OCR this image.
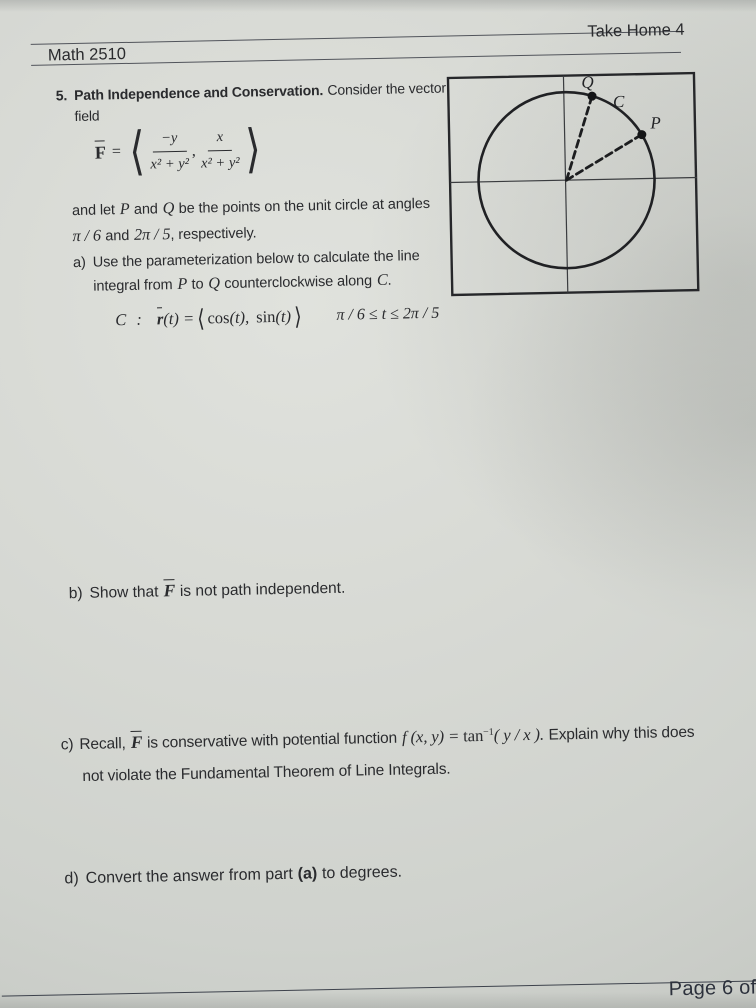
Math 2510
Take Home 4
5. Path Independence and Conservation. Consider the vector
field
F = ⟨ $\frac{-y}{\text{x² + y²}}$ , $\frac{x}{\text{x² + y²}}$ ⟩
and let P and Q be the points on the unit circle at angles
π / 6 and 2π / 5, respectively.
a) Use the parameterization below to calculate the line
integral from P to Q counterclockwise along C.
C : r (t) = ⟨ cos (t) , sin (t) ⟩ π / 6 ≤ t ≤ 2π / 5
Q
C
P
b) Show that F is not path independent.
c) Recall, F is conservative with potential function f (x, $y) = \tan^{-1}$( y / x ). Explain why this does
not violate the Fundamental Theorem of Line Integrals.
d) Convert the answer from part (a) to degrees.
Page 6 of
